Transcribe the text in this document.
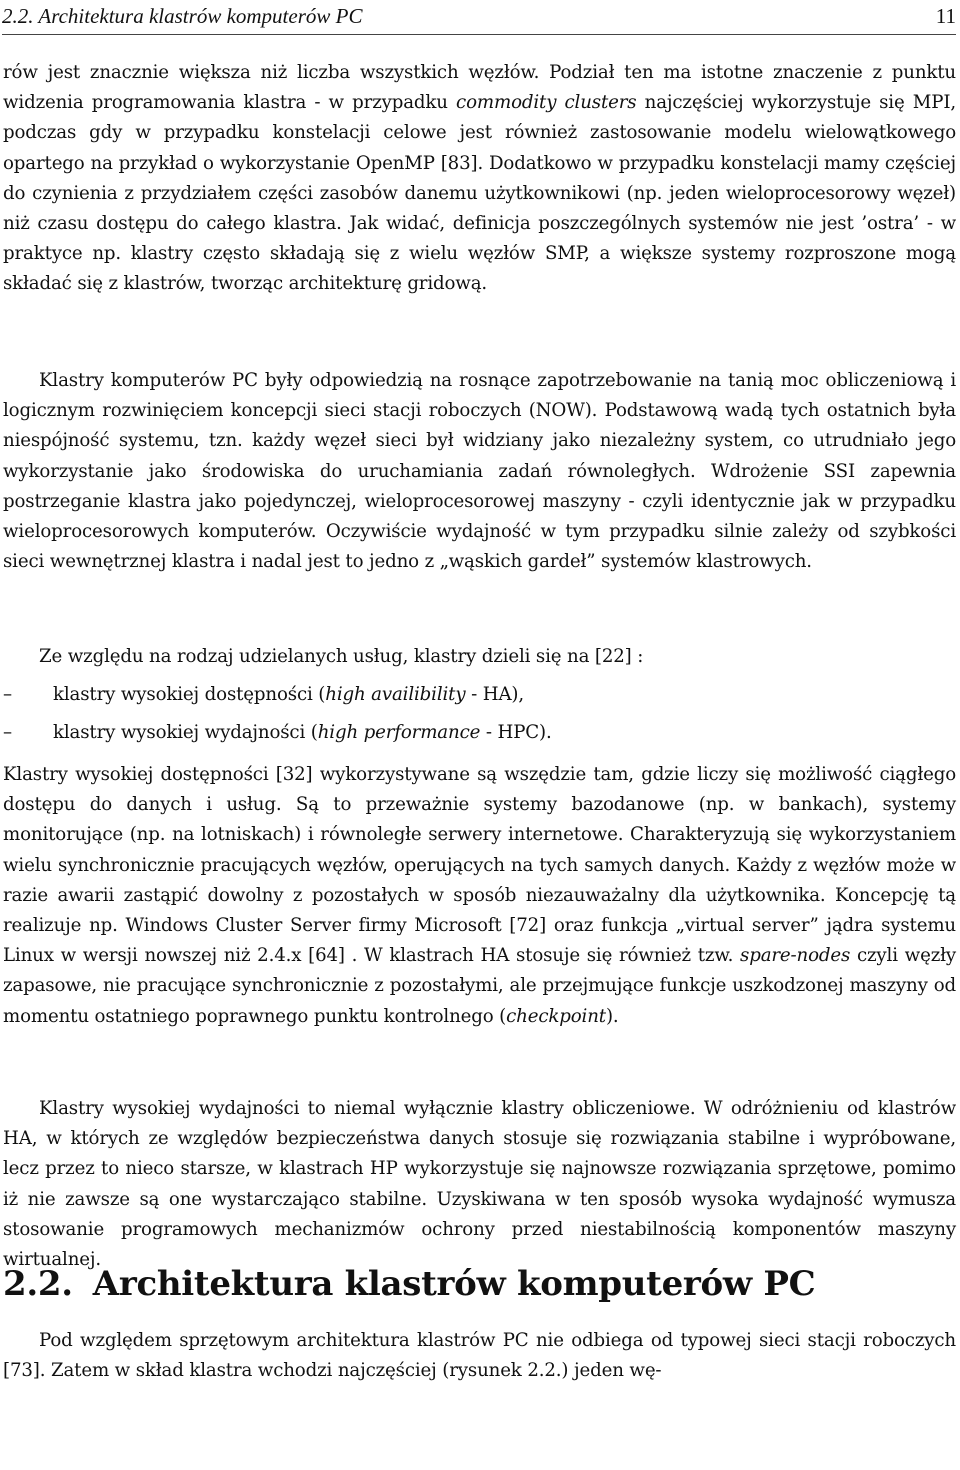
2.2. Architektura klastrów komputerów PC	11

rów jest znacznie większa niż liczba wszystkich węzłów. Podział ten ma istotne znaczenie z punktu widzenia programowania klastra - w przypadku commodity clusters najczęściej wykorzystuje się MPI, podczas gdy w przypadku konstelacji celowe jest również zastosowanie modelu wielowątkowego opartego na przykład o wykorzystanie OpenMP [83]. Dodatkowo w przypadku konstelacji mamy częściej do czynienia z przydziałem części zasobów danemu użytkownikowi (np. jeden wieloprocesorowy węzeł) niż czasu dostępu do całego klastra. Jak widać, definicja poszczególnych systemów nie jest ’ostra’ - w praktyce np. klastry często składają się z wielu węzłów SMP, a większe systemy rozproszone mogą składać się z klastrów, tworząc architekturę gridową.

Klastry komputerów PC były odpowiedzią na rosnące zapotrzebowanie na tanią moc obliczeniową i logicznym rozwinięciem koncepcji sieci stacji roboczych (NOW). Podstawową wadą tych ostatnich była niespójność systemu, tzn. każdy węzeł sieci był widziany jako niezależny system, co utrudniało jego wykorzystanie jako środowiska do uruchamiania zadań równoległych. Wdrożenie SSI zapewnia postrzeganie klastra jako pojedynczej, wieloprocesorowej maszyny - czyli identycznie jak w przypadku wieloprocesorowych komputerów. Oczywiście wydajność w tym przypadku silnie zależy od szybkości sieci wewnętrznej klastra i nadal jest to jedno z „wąskich gardeł” systemów klastrowych.

Ze względu na rodzaj udzielanych usług, klastry dzieli się na [22] :

– klastry wysokiej dostępności (high availibility - HA),
– klastry wysokiej wydajności (high performance - HPC).

Klastry wysokiej dostępności [32] wykorzystywane są wszędzie tam, gdzie liczy się możliwość ciągłego dostępu do danych i usług. Są to przeważnie systemy bazodanowe (np. w bankach), systemy monitorujące (np. na lotniskach) i równoległe serwery internetowe. Charakteryzują się wykorzystaniem wielu synchronicznie pracujących węzłów, operujących na tych samych danych. Każdy z węzłów może w razie awarii zastąpić dowolny z pozostałych w sposób niezauważalny dla użytkownika. Koncepcję tą realizuje np. Windows Cluster Server firmy Microsoft [72] oraz funkcja „virtual server” jądra systemu Linux w wersji nowszej niż 2.4.x [64] . W klastrach HA stosuje się również tzw. spare-nodes czyli węzły zapasowe, nie pracujące synchronicznie z pozostałymi, ale przejmujące funkcje uszkodzonej maszyny od momentu ostatniego poprawnego punktu kontrolnego (checkpoint).

Klastry wysokiej wydajności to niemal wyłącznie klastry obliczeniowe. W odróżnieniu od klastrów HA, w których ze względów bezpieczeństwa danych stosuje się rozwiązania stabilne i wypróbowane, lecz przez to nieco starsze, w klastrach HP wykorzystuje się najnowsze rozwiązania sprzętowe, pomimo iż nie zawsze są one wystarczająco stabilne. Uzyskiwana w ten sposób wysoka wydajność wymusza stosowanie programowych mechanizmów ochrony przed niestabilnością komponentów maszyny wirtualnej.

2.2. Architektura klastrów komputerów PC

Pod względem sprzętowym architektura klastrów PC nie odbiega od typowej sieci stacji roboczych [73]. Zatem w skład klastra wchodzi najczęściej (rysunek 2.2.) jeden wę-
